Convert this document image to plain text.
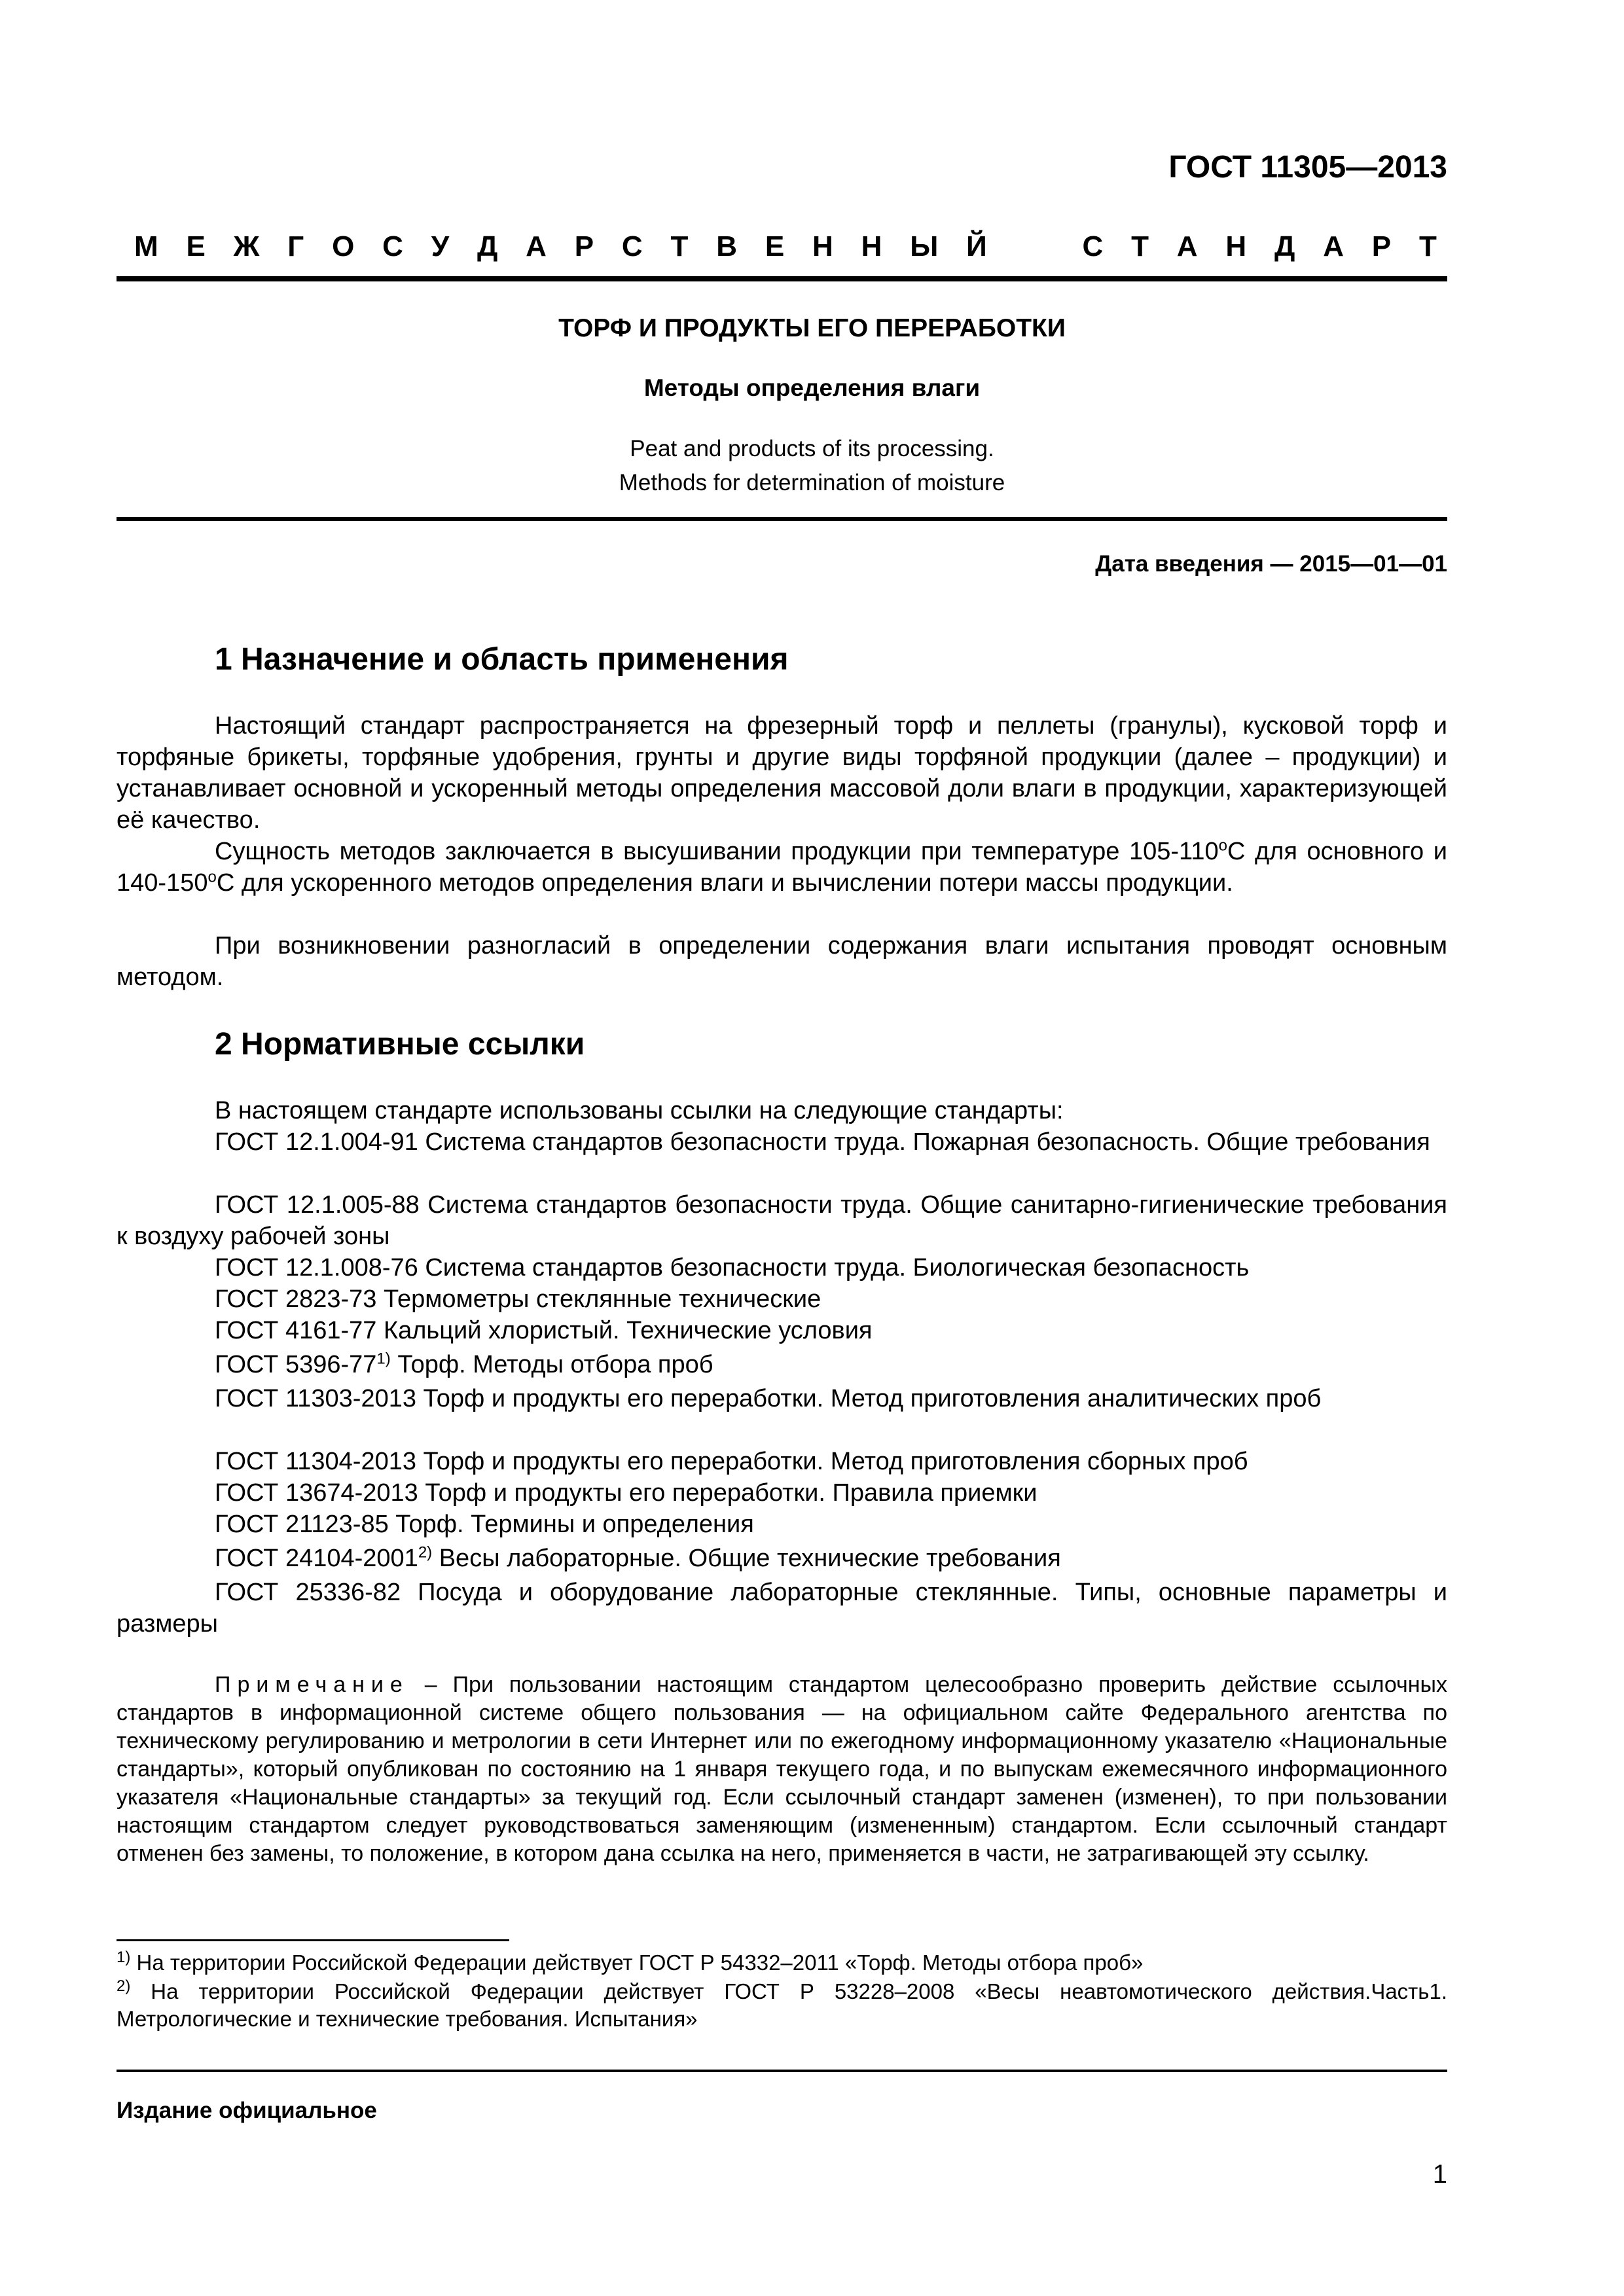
ГОСТ 11305—2013
М Е Ж Г О С У Д А Р С Т В Е Н Н Ы Й	С Т А Н Д А Р Т
ТОРФ И ПРОДУКТЫ ЕГО ПЕРЕРАБОТКИ
Методы определения влаги
Peat and products of its processing.
Methods for determination of moisture
Дата введения — 2015—01—01
1 Назначение и область применения

Настоящий стандарт распространяется на фрезерный торф и пеллеты (гранулы), кусковой торф и торфяные брикеты, торфяные удобрения, грунты и другие виды торфяной продукции (далее – продукции) и устанавливает основной и ускоренный методы определения массовой доли влаги в продукции, характеризующей её качество.

Сущность методов заключается в высушивании продукции при температуре 105-110$^o$С для основного и 140-150$^o$С для ускоренного методов определения влаги и вычислении потери массы продукции.

При возникновении разногласий в определении содержания влаги испытания проводят основным методом.

2 Нормативные ссылки

В настоящем стандарте использованы ссылки на следующие стандарты:

ГОСТ 12.1.004-91 Система стандартов безопасности труда. Пожарная безопасность. Общие требования

ГОСТ 12.1.005-88 Система стандартов безопасности труда. Общие санитарно-гигиенические требования к воздуху рабочей зоны

ГОСТ 12.1.008-76 Система стандартов безопасности труда. Биологическая безопасность

ГОСТ 2823-73 Термометры стеклянные технические

ГОСТ 4161-77 Кальций хлористый. Технические условия

ГОСТ 5396-77$^{1)}$ Торф. Методы отбора проб

ГОСТ 11303-2013 Торф и продукты его переработки. Метод приготовления аналитических проб

ГОСТ 11304-2013 Торф и продукты его переработки. Метод приготовления сборных проб

ГОСТ 13674-2013 Торф и продукты его переработки. Правила приемки

ГОСТ 21123-85 Торф. Термины и определения

ГОСТ 24104-2001$^{2)}$ Весы лабораторные. Общие технические требования

ГОСТ 25336-82 Посуда и оборудование лабораторные стеклянные. Типы, основные параметры и размеры

Примечание – При пользовании настоящим стандартом целесообразно проверить действие ссылочных стандартов в информационной системе общего пользования — на официальном сайте Федерального агентства по техническому регулированию и метрологии в сети Интернет или по ежегодному информационному указателю «Национальные стандарты», который опубликован по состоянию на 1 января текущего года, и по выпускам ежемесячного информационного указателя «Национальные стандарты» за текущий год. Если ссылочный стандарт заменен (изменен), то при пользовании настоящим стандартом следует руководствоваться заменяющим (измененным) стандартом. Если ссылочный стандарт отменен без замены, то положение, в котором дана ссылка на него, применяется в части, не затрагивающей эту ссылку.

$^{1)}$ На территории Российской Федерации действует ГОСТ Р 54332–2011 «Торф. Методы отбора проб»

$^{2)}$ На территории Российской Федерации действует ГОСТ Р 53228–2008 «Весы неавтомотического действия.Часть1. Метрологические и технические требования. Испытания»

Издание официальное
1
